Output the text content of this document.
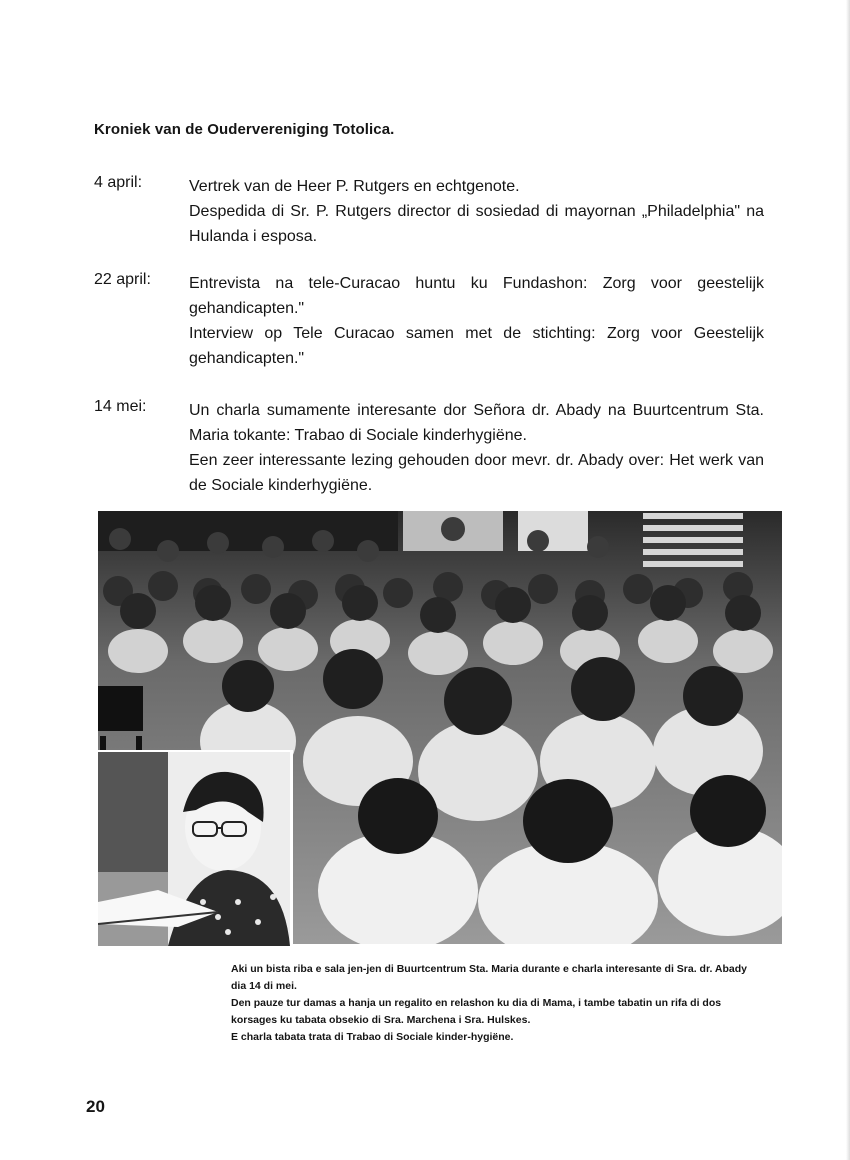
Kroniek van de Oudervereniging Totolica.
4 april:	Vertrek van de Heer P. Rutgers en echtgenote.

Despedida di Sr. P. Rutgers director di sosiedad di mayornan „Philadelphia" na Hulanda i esposa.

22 april: Entrevista na tele-Curacao huntu ku Fundashon: Zorg voor geestelijk gehandicapten."

Interview op Tele Curacao samen met de stichting: Zorg voor Geestelijk gehandicapten."

14 mei:	Un charla sumamente interesante dor Señora dr. Abady na Buurtcentrum Sta. Maria tokante: Trabao di Sociale kinderhygiëne.

Een zeer interessante lezing gehouden door mevr. dr. Abady over: Het werk van de Sociale kinderhygiëne.

Aki un bista riba e sala jen-jen di Buurtcentrum Sta. Maria durante e charla interesante di Sra. dr. Abady dia 14 di mei.

Den pauze tur damas a hanja un regalito en relashon ku dia di Mama, i tambe tabatin un rifa di dos korsages ku tabata obsekio di Sra. Marchena i Sra. Hulskes.

E charla tabata trata di Trabao di Sociale kinder-hygiëne.

20
